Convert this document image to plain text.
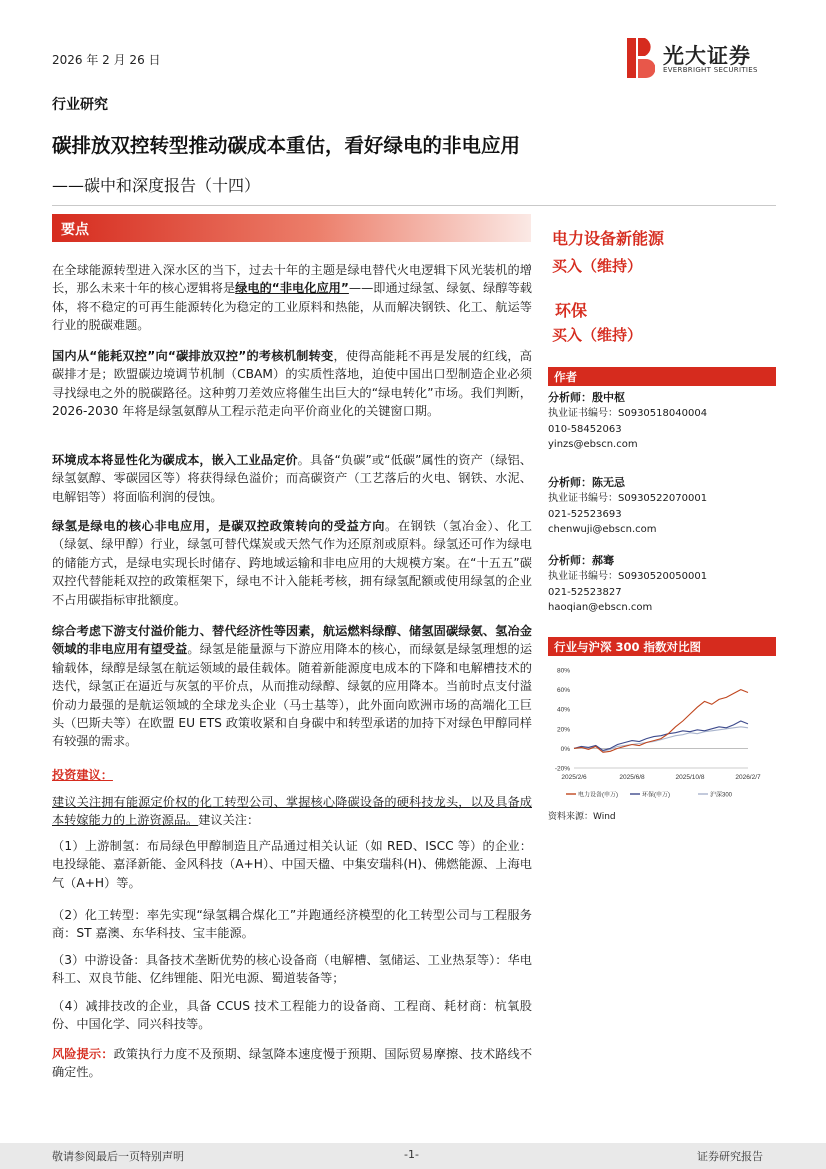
2026 年 2 月 26 日	光大证券
EVERBRIGHT SECURITIES
行业研究
碳排放双控转型推动碳成本重估，看好绿电的非电应用
——碳中和深度报告（十四）
要点

在全球能源转型进入深水区的当下，过去十年的主题是绿电替代火电逻辑下风光装机的增长，那么未来十年的核心逻辑将是绿电的“非电化应用”——即通过绿氢、绿氨、绿醇等载体，将不稳定的可再生能源转化为稳定的工业原料和热能，从而解决钢铁、化工、航运等行业的脱碳难题。

国内从“能耗双控”向“碳排放双控”的考核机制转变，使得高能耗不再是发展的红线，高碳排才是；欧盟碳边境调节机制（CBAM）的实质性落地，迫使中国出口型制造企业必须寻找绿电之外的脱碳路径。这种剪刀差效应将催生出巨大的“绿电转化”市场。我们判断，2026-2030 年将是绿氢氨醇从工程示范走向平价商业化的关键窗口期。

环境成本将显性化为碳成本，嵌入工业品定价。具备“负碳”或“低碳”属性的资产（绿铝、绿氢氨醇、零碳园区等）将获得绿色溢价；而高碳资产（工艺落后的火电、钢铁、水泥、电解铝等）将面临利润的侵蚀。

绿氢是绿电的核心非电应用，是碳双控政策转向的受益方向。在钢铁（氢冶金）、化工（绿氨、绿甲醇）行业，绿氢可替代煤炭或天然气作为还原剂或原料。绿氢还可作为绿电的储能方式，是绿电实现长时储存、跨地域运输和非电应用的大规模方案。在“十五五”碳双控代替能耗双控的政策框架下，绿电不计入能耗考核，拥有绿氢配额或使用绿氢的企业不占用碳指标审批额度。

综合考虑下游支付溢价能力、替代经济性等因素，航运燃料绿醇、储氢固碳绿氨、氢冶金领域的非电应用有望受益。绿氢是能量源与下游应用降本的核心，而绿氨是绿氢理想的运输载体，绿醇是绿氢在航运领域的最佳载体。随着新能源度电成本的下降和电解槽技术的迭代，绿氢正在逼近与灰氢的平价点，从而推动绿醇、绿氨的应用降本。当前时点支付溢价动力最强的是航运领域的全球龙头企业（马士基等），此外面向欧洲市场的高端化工巨头（巴斯夫等）在欧盟 EU ETS 政策收紧和自身碳中和转型承诺的加持下对绿色甲醇同样有较强的需求。

投资建议：

建议关注拥有能源定价权的化工转型公司、掌握核心降碳设备的硬科技龙头，以及具备成本转嫁能力的上游资源品。建议关注：

（1）上游制氢：布局绿色甲醇制造且产品通过相关认证（如 RED、ISCC 等）的企业：电投绿能、嘉泽新能、金风科技（A+H）、中国天楹、中集安瑞科(H)、佛燃能源、上海电气（A+H）等。
（2）化工转型：率先实现“绿氢耦合煤化工”并跑通经济模型的化工转型公司与工程服务商：ST 嘉澳、东华科技、宝丰能源。
（3）中游设备：具备技术垄断优势的核心设备商（电解槽、氢储运、工业热泵等）：华电科工、双良节能、亿纬锂能、阳光电源、蜀道装备等；
（4）减排技改的企业，具备 CCUS 技术工程能力的设备商、工程商、耗材商：杭氧股份、中国化学、同兴科技等。

风险提示：政策执行力度不及预期、绿氢降本速度慢于预期、国际贸易摩擦、技术路线不确定性。

电力设备新能源
买入（维持）
环保
买入（维持）
作者
分析师：殷中枢
执业证书编号：S0930518040004
010-58452063
yinzs@ebscn.com
分析师：陈无忌
执业证书编号：S0930522070001
021-52523693
chenwuji@ebscn.com
分析师：郝骞
执业证书编号：S0930520050001
021-52523827
haoqian@ebscn.com
行业与沪深 300 指数对比图
80%
60%
40%
20%
0%
-20%
2025/2/6	2025/6/8	2025/10/8	2026/2/7
电力设备(申万)	环保(申万)	沪深300
资料来源：Wind
敬请参阅最后一页特别声明	-1-	证券研究报告
